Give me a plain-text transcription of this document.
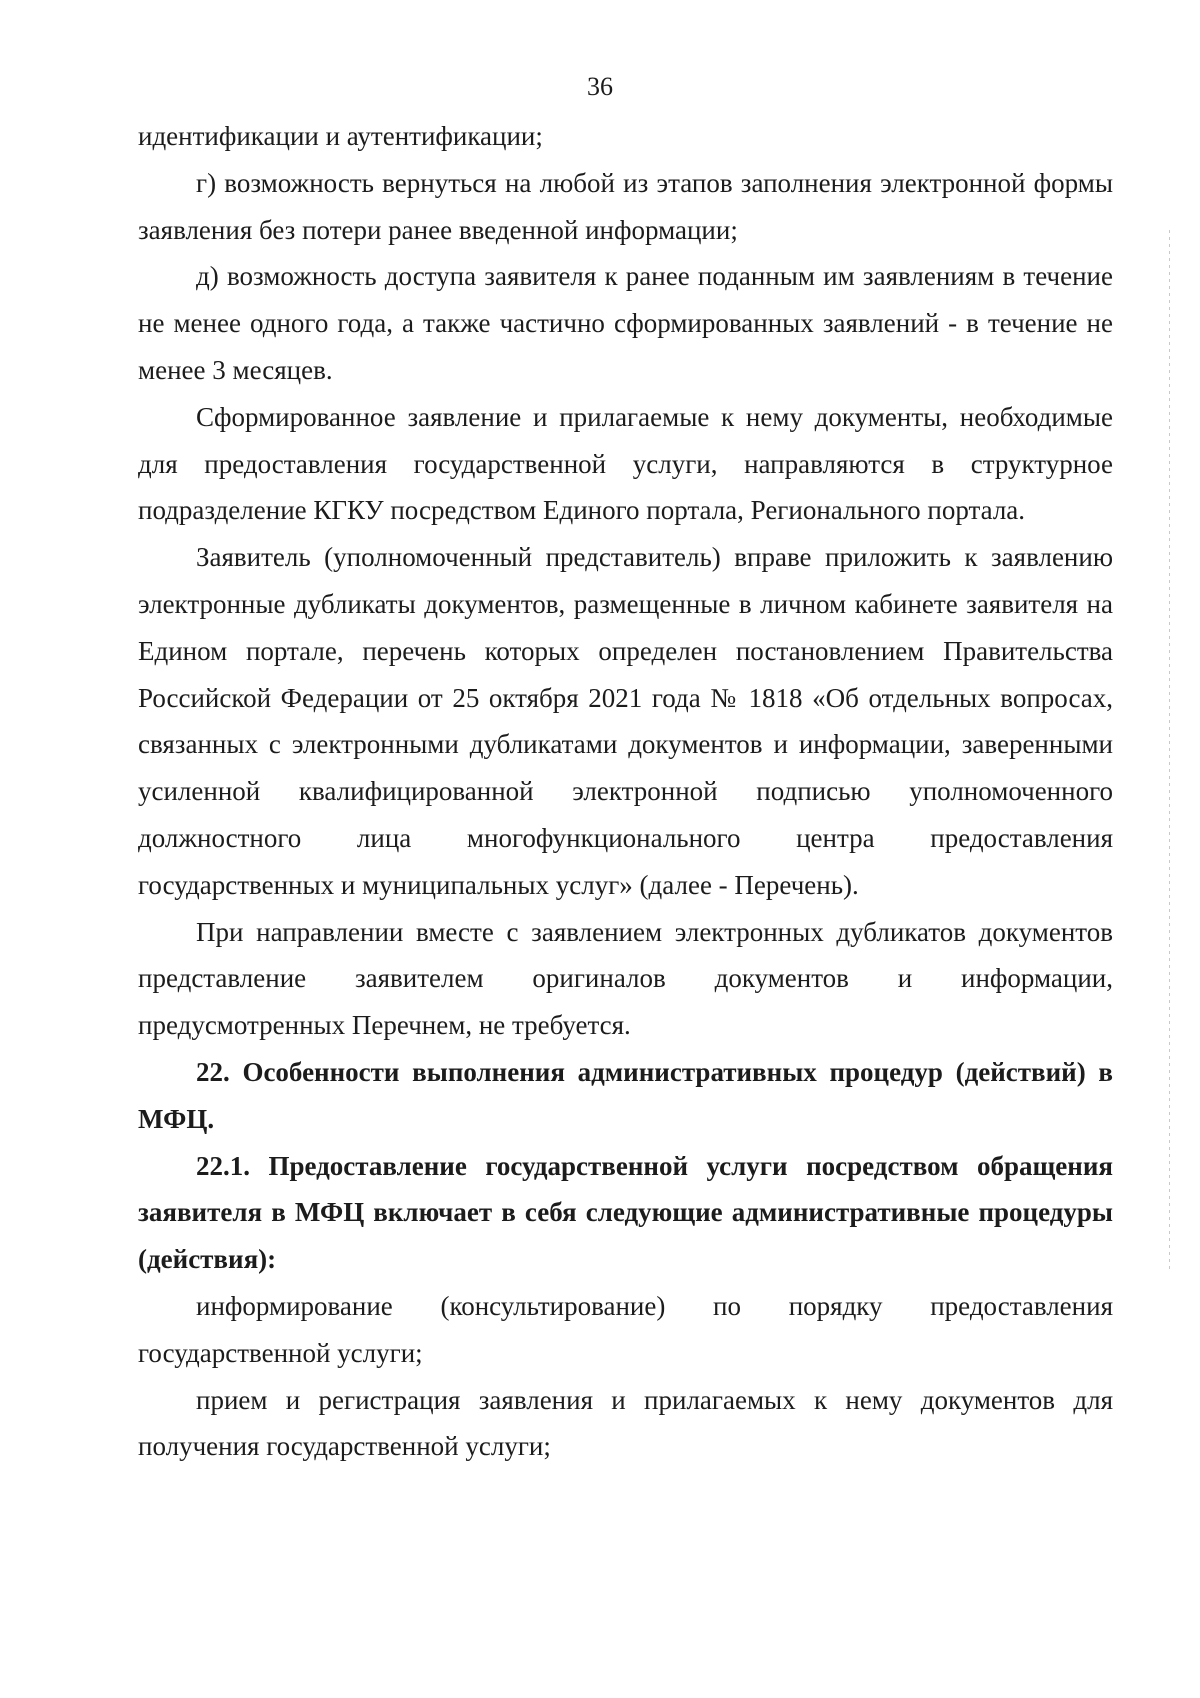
36

идентификации и аутентификации;

г) возможность вернуться на любой из этапов заполнения электронной формы заявления без потери ранее введенной информации;

д) возможность доступа заявителя к ранее поданным им заявлениям в течение не менее одного года, а также частично сформированных заявлений - в течение не менее 3 месяцев.

Сформированное заявление и прилагаемые к нему документы, необходимые для предоставления государственной услуги, направляются в структурное подразделение КГКУ посредством Единого портала, Регионального портала.

Заявитель (уполномоченный представитель) вправе приложить к заявлению электронные дубликаты документов, размещенные в личном кабинете заявителя на Едином портале, перечень которых определен постановлением Правительства Российской Федерации от 25 октября 2021 года № 1818 «Об отдельных вопросах, связанных с электронными дубликатами документов и информации, заверенными усиленной квалифицированной электронной подписью уполномоченного должностного лица многофункционального центра предоставления государственных и муниципальных услуг» (далее - Перечень).

При направлении вместе с заявлением электронных дубликатов документов представление заявителем оригиналов документов и информации, предусмотренных Перечнем, не требуется.

22. Особенности выполнения административных процедур (действий) в МФЦ.

22.1. Предоставление государственной услуги посредством обращения заявителя в МФЦ включает в себя следующие административные процедуры (действия):

информирование (консультирование) по порядку предоставления государственной услуги;

прием и регистрация заявления и прилагаемых к нему документов для получения государственной услуги;
